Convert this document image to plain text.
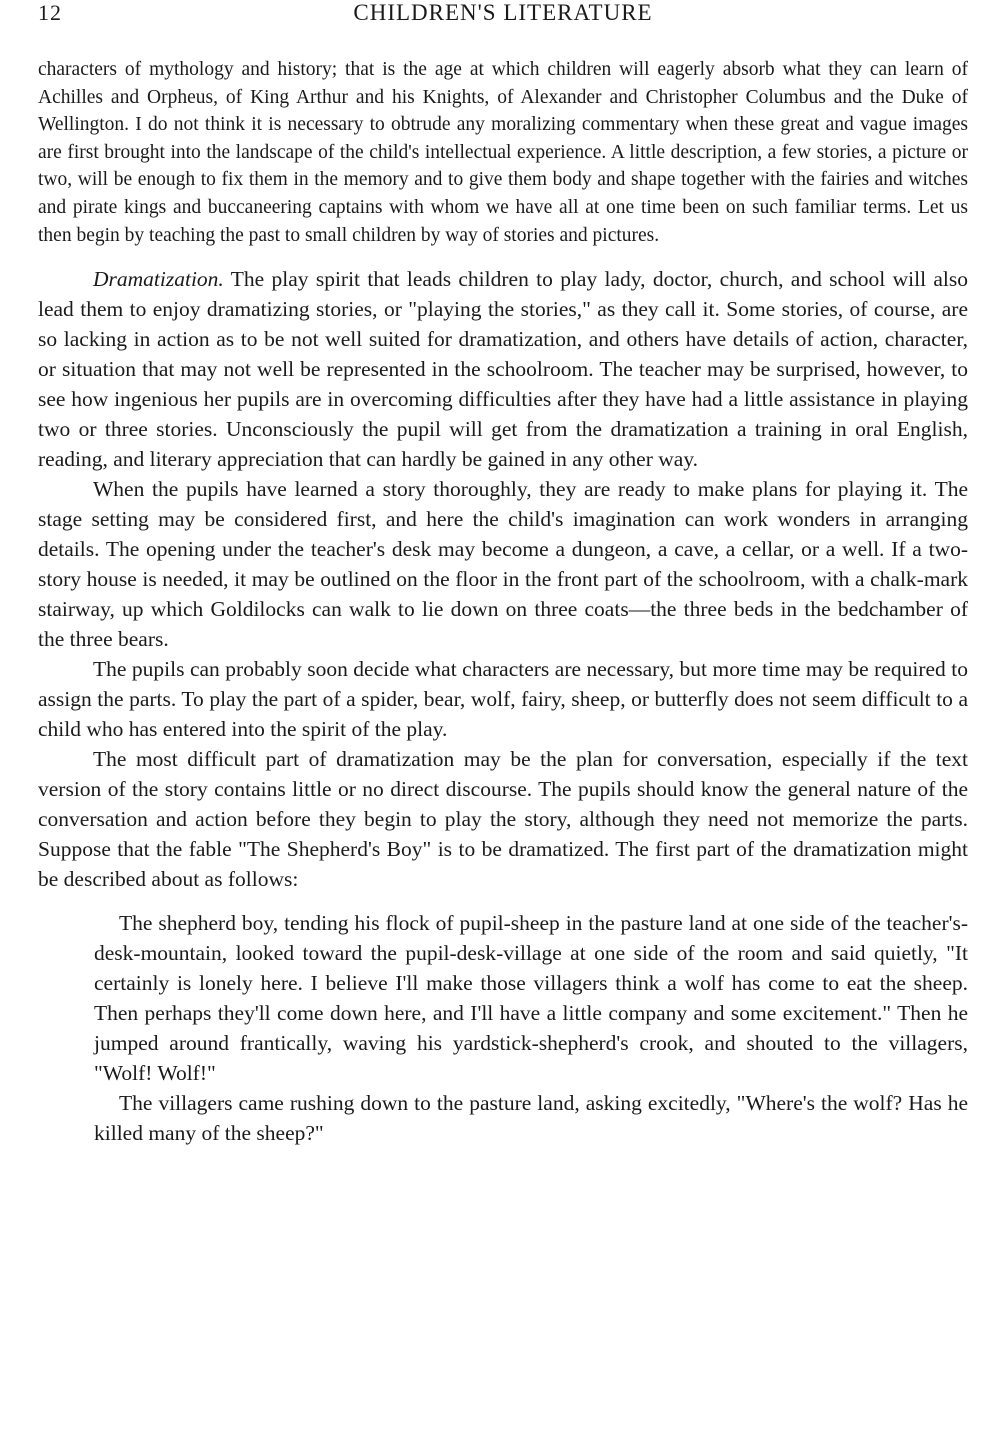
12	CHILDREN'S LITERATURE

characters of mythology and history; that is the age at which children will eagerly absorb what they can learn of Achilles and Orpheus, of King Arthur and his Knights, of Alexander and Christopher Columbus and the Duke of Wellington. I do not think it is necessary to obtrude any moralizing commentary when these great and vague images are first brought into the landscape of the child's intellectual experience. A little description, a few stories, a picture or two, will be enough to fix them in the memory and to give them body and shape together with the fairies and witches and pirate kings and buccaneering captains with whom we have all at one time been on such familiar terms. Let us then begin by teaching the past to small children by way of stories and pictures.

Dramatization. The play spirit that leads children to play lady, doctor, church, and school will also lead them to enjoy dramatizing stories, or "playing the stories," as they call it. Some stories, of course, are so lacking in action as to be not well suited for dramatization, and others have details of action, character, or situation that may not well be represented in the schoolroom. The teacher may be surprised, however, to see how ingenious her pupils are in overcoming difficulties after they have had a little assistance in playing two or three stories. Unconsciously the pupil will get from the dramatization a training in oral English, reading, and literary appreciation that can hardly be gained in any other way.

When the pupils have learned a story thoroughly, they are ready to make plans for playing it. The stage setting may be considered first, and here the child's imagination can work wonders in arranging details. The opening under the teacher's desk may become a dungeon, a cave, a cellar, or a well. If a two-story house is needed, it may be outlined on the floor in the front part of the schoolroom, with a chalk-mark stairway, up which Goldilocks can walk to lie down on three coats—the three beds in the bedchamber of the three bears.

The pupils can probably soon decide what characters are necessary, but more time may be required to assign the parts. To play the part of a spider, bear, wolf, fairy, sheep, or butterfly does not seem difficult to a child who has entered into the spirit of the play.

The most difficult part of dramatization may be the plan for conversation, especially if the text version of the story contains little or no direct discourse. The pupils should know the general nature of the conversation and action before they begin to play the story, although they need not memorize the parts. Suppose that the fable "The Shepherd's Boy" is to be dramatized. The first part of the dramatization might be described about as follows:

The shepherd boy, tending his flock of pupil-sheep in the pasture land at one side of the teacher's-desk-mountain, looked toward the pupil-desk-village at one side of the room and said quietly, "It certainly is lonely here. I believe I'll make those villagers think a wolf has come to eat the sheep. Then perhaps they'll come down here, and I'll have a little company and some excitement." Then he jumped around frantically, waving his yardstick-shepherd's crook, and shouted to the villagers, "Wolf! Wolf!"

The villagers came rushing down to the pasture land, asking excitedly, "Where's the wolf? Has he killed many of the sheep?"
